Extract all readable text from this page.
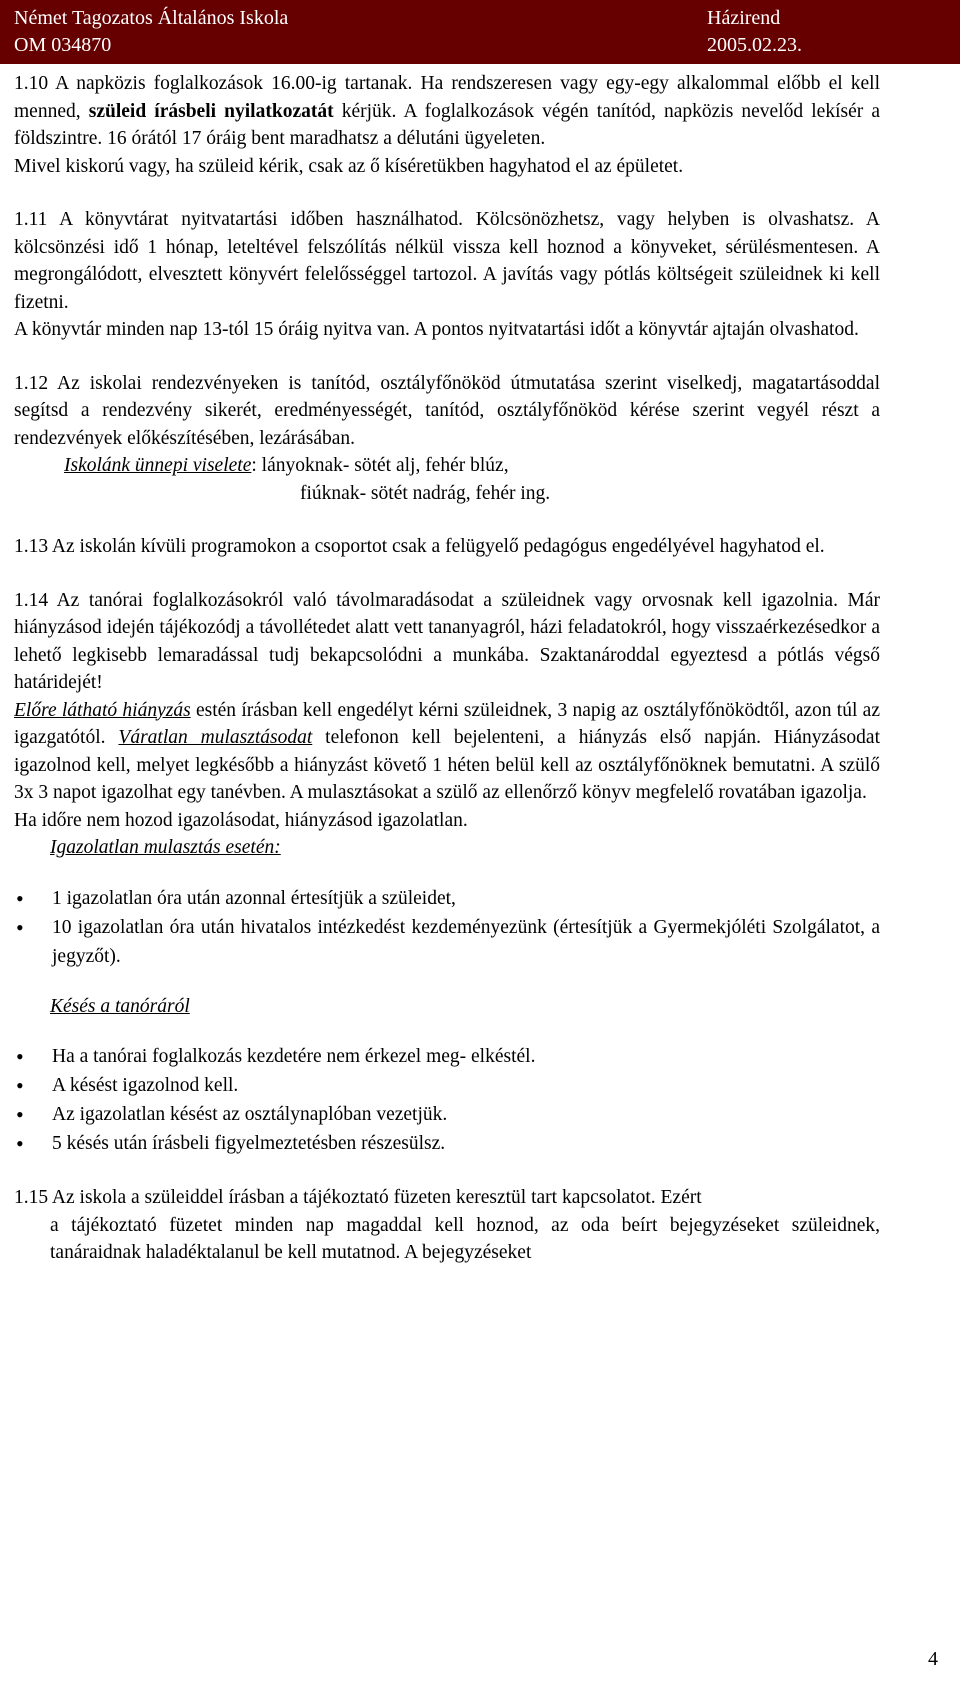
Német Tagozatos Általános Iskola	Házirend
OM 034870	2005.02.23.

1.10 A napközis foglalkozások 16.00-ig tartanak. Ha rendszeresen vagy egy-egy alkalommal előbb el kell menned, szüleid írásbeli nyilatkozatát kérjük. A foglalkozások végén tanítód, napközis nevelőd lekísér a földszintre. 16 órától 17 óráig bent maradhatsz a délutáni ügyeleten.

Mivel kiskorú vagy, ha szüleid kérik, csak az ő kíséretükben hagyhatod el az épületet.

1.11 A könyvtárat nyitvatartási időben használhatod. Kölcsönözhetsz, vagy helyben is olvashatsz. A kölcsönzési idő 1 hónap, leteltével felszólítás nélkül vissza kell hoznod a könyveket, sérülésmentesen. A megrongálódott, elvesztett könyvért felelősséggel tartozol. A javítás vagy pótlás költségeit szüleidnek ki kell fizetni.

A könyvtár minden nap 13-tól 15 óráig nyitva van. A pontos nyitvatartási időt a könyvtár ajtaján olvashatod.

1.12 Az iskolai rendezvényeken is tanítód, osztályfőnököd útmutatása szerint viselkedj, magatartásoddal segítsd a rendezvény sikerét, eredményességét, tanítód, osztályfőnököd kérése szerint vegyél részt a rendezvények előkészítésében, lezárásában.

Iskolánk ünnepi viselete: lányoknak- sötét alj, fehér blúz,

fiúknak- sötét nadrág, fehér ing.

1.13 Az iskolán kívüli programokon a csoportot csak a felügyelő pedagógus engedélyével hagyhatod el.

1.14 Az tanórai foglalkozásokról való távolmaradásodat a szüleidnek vagy orvosnak kell igazolnia. Már hiányzásod idején tájékozódj a távollétedet alatt vett tananyagról, házi feladatokról, hogy visszaérkezésedkor a lehető legkisebb lemaradással tudj bekapcsolódni a munkába. Szaktanároddal egyeztesd a pótlás végső határidejét!

Előre látható hiányzás estén írásban kell engedélyt kérni szüleidnek, 3 napig az osztályfőnöködtől, azon túl az igazgatótól. Váratlan mulasztásodat telefonon kell bejelenteni, a hiányzás első napján. Hiányzásodat igazolnod kell, melyet legkésőbb a hiányzást követő 1 héten belül kell az osztályfőnöknek bemutatni. A szülő 3x 3 napot igazolhat egy tanévben. A mulasztásokat a szülő az ellenőrző könyv megfelelő rovatában igazolja.

Ha időre nem hozod igazolásodat, hiányzásod igazolatlan.

Igazolatlan mulasztás esetén:

• 1 igazolatlan óra után azonnal értesítjük a szüleidet,
• 10 igazolatlan óra után hivatalos intézkedést kezdeményezünk (értesítjük a Gyermekjóléti Szolgálatot, a jegyzőt).

Késés a tanóráról

• Ha a tanórai foglalkozás kezdetére nem érkezel meg- elkéstél.
• A késést igazolnod kell.
• Az igazolatlan késést az osztálynaplóban vezetjük.
• 5 késés után írásbeli figyelmeztetésben részesülsz.

1.15 Az iskola a szüleiddel írásban a tájékoztató füzeten keresztül tart kapcsolatot. Ezért

a tájékoztató füzetet minden nap magaddal kell hoznod, az oda beírt bejegyzéseket szüleidnek, tanáraidnak haladéktalanul be kell mutatnod. A bejegyzéseket

4
